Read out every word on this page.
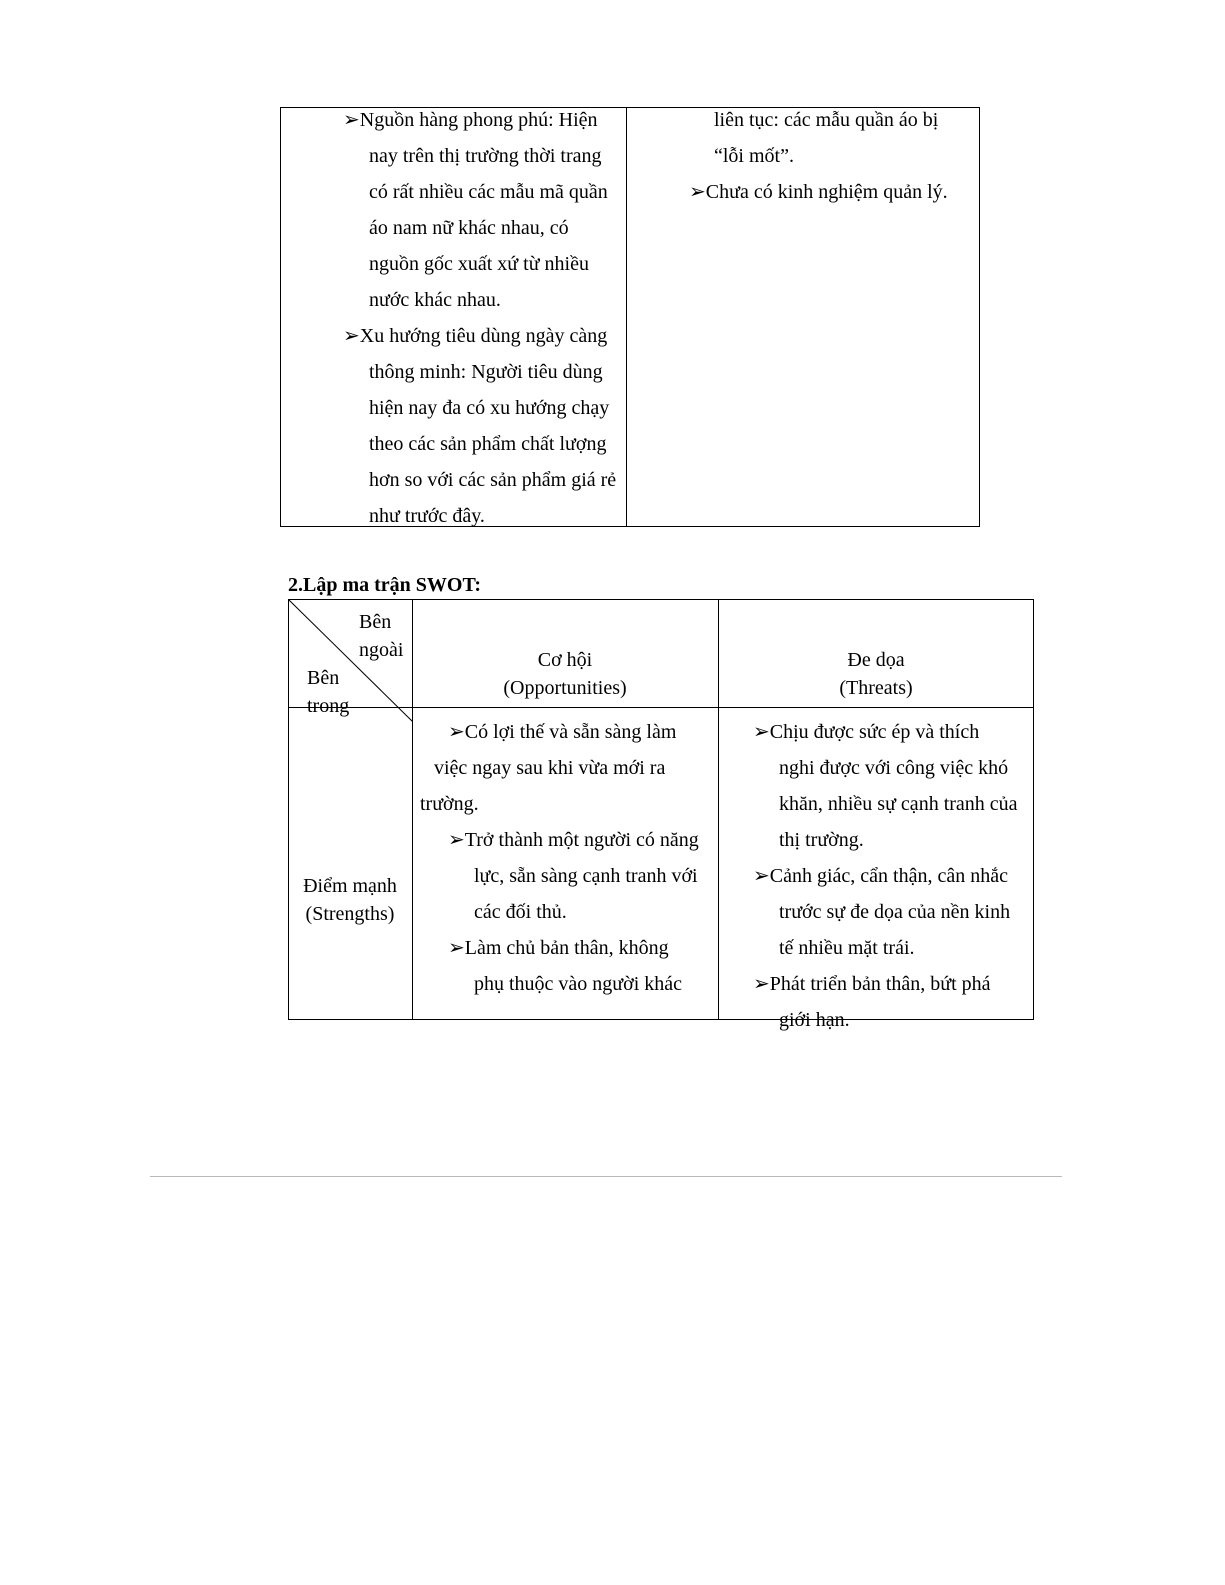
➢Nguồn hàng phong phú: Hiện
nay trên thị trường thời trang
có rất nhiều các mẫu mã quần
áo nam nữ khác nhau, có
nguồn gốc xuất xứ từ nhiều
nước khác nhau.
➢Xu hướng tiêu dùng ngày càng
thông minh: Người tiêu dùng
hiện nay đa có xu hướng chạy
theo các sản phẩm chất lượng
hơn so với các sản phẩm giá rẻ
như trước đây.
liên tục: các mẫu quần áo bị
“lỗi mốt”.
➢Chưa có kinh nghiệm quản lý.
2.Lập ma trận SWOT:
Bên
ngoài
Bên
trong
Cơ hội
(Opportunities)
Đe dọa
(Threats)
Điểm mạnh
(Strengths)
➢Có lợi thế và sẵn sàng làm
việc ngay sau khi vừa mới ra
trường.
➢Trở thành một người có năng
lực, sẵn sàng cạnh tranh với
các đối thủ.
➢Làm chủ bản thân, không
phụ thuộc vào người khác
➢Chịu được sức ép và thích
nghi được với công việc khó
khăn, nhiều sự cạnh tranh của
thị trường.
➢Cảnh giác, cẩn thận, cân nhắc
trước sự đe dọa của nền kinh
tế nhiều mặt trái.
➢Phát triển bản thân, bứt phá
giới hạn.
